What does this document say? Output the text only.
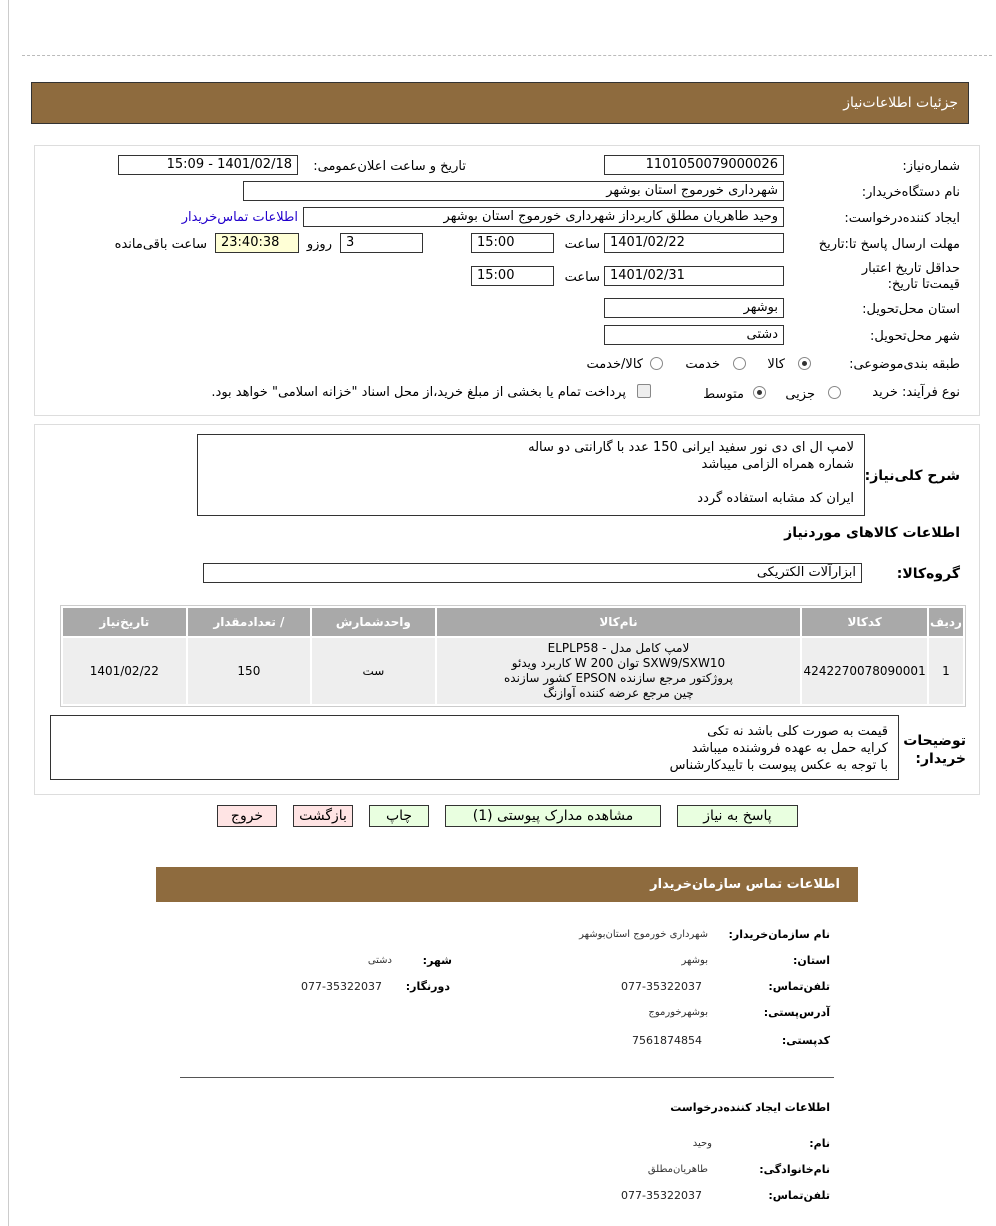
جزئیات اطلاعات‌نیاز
شماره‌نیاز:
1101050079000026
تاریخ و ساعت اعلان‌عمومی:
1401/02/18 - 15:09
نام دستگاه‌خریدار:
شهرداری خورموج استان بوشهر
ایجاد کننده‌درخواست:
وحید طاهریان مطلق کاربرداز شهرداری خورموج استان بوشهر
اطلاعات تماس‌خریدار
مهلت ارسال پاسخ تا:تاریخ
1401/02/22
ساعت
15:00
3
روزو
23:40:38
ساعت باقی‌مانده
حداقل تاریخ اعتبار قیمت‌تا تاریخ:
1401/02/31
ساعت
15:00
استان محل‌تحویل:
بوشهر
شهر محل‌تحویل:
دشتی
طبقه بندی‌موضوعی:
کالا
خدمت
کالا/خدمت
نوع فرآیند: خرید
جزیی
متوسط
پرداخت تمام یا بخشی از مبلغ خرید،از محل اسناد "خزانه اسلامی" خواهد بود.
شرح کلی‌نیاز:
لامپ ال ای دی نور سفید ایرانی 150 عدد با گارانتی دو ساله
شماره همراه الزامی میباشد
ایران کد مشابه استفاده گردد
اطلاعات کالاهای موردنیاز
گروه‌کالا:
ابزارآلات الکتریکی
ردیف	کدکالا	نام‌کالا	واحدشمارش	/ تعدادمقدار	تاریخ‌نیاز
1	4242270078090001	لامپ کامل مدل - ELPLP58
SXW9/SXW10 توان 200 W کاربرد ویدئو
پروژکتور مرجع سازنده EPSON کشور سازنده
چین مرجع عرضه کننده آوازنگ	ست	150	1401/02/22
توضیحات خریدار:
قیمت به صورت کلی باشد نه تکی
کرایه حمل به عهده فروشنده میباشد
با توجه به عکس پیوست با تاییدکارشناس
پاسخ به نیاز
مشاهده مدارک پیوستی (1)
چاپ
بازگشت
خروج
اطلاعات تماس سازمان‌خریدار
نام سازمان‌خریدار:
شهرداری خورموج استان‌بوشهر
استان:
بوشهر
شهر:
دشتی
تلفن‌تماس:
077-35322037
دورنگار:
077-35322037
آدرس‌پستی:
بوشهرخورموج
کد‌پستی:
7561874854
اطلاعات ایجاد کننده‌درخواست
نام:
وحید
نام‌خانوادگی:
طاهریان‌مطلق
تلفن‌تماس:
077-35322037
